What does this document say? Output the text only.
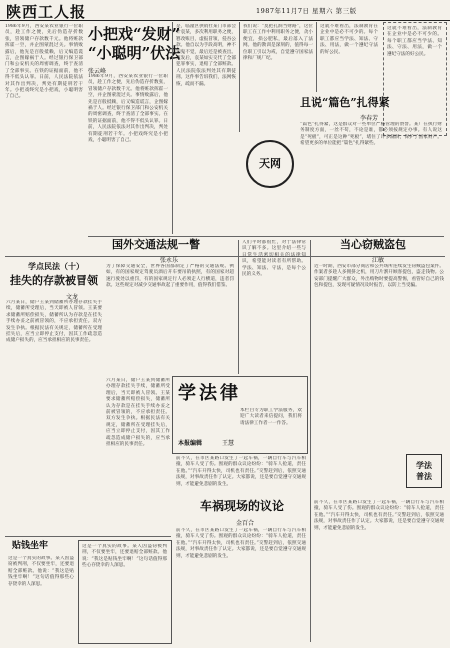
陕西工人报	1987年11月7日 星期六 第三版
1986年9月，西安某农业银行一位职员，趁工作之便，先后伪造存折数张，冒领储户存款数千元。他将赃款挥霍一空，并企图蒙混过关。事情败露后，他先是百般抵赖，后又编造谎言，企图嫁祸于人。经过银行保卫部门和公安机关的周密调查，终于查清了全部事实。在铁的证据面前，他不得不低头认罪。日前，人民法院依法对其作出判决，判处有期徒刑若干年。小把戏终究是小把戏，小聪明害了自己。
小把戏“发财”
“小聪明”伏法
张云峰
1986年9月，西安某农业银行一位职员，趁工作之便，先后伪造存折数张，冒领储户存款数千元。他将赃款挥霍一空，并企图蒙混过关。事情败露后，他先是百般抵赖，后又编造谎言，企图嫁祸于人。经过银行保卫部门和公安机关的周密调查，终于查清了全部事实。在铁的证据面前，他不得不低头认罪。日前，人民法院依法对其作出判决，判处有期徒刑若干年。小把戏终究是小把戏，小聪明害了自己。
是，临潼区供销社某门市部会计袁某，多次利用职务之便，篡改账目，虚报冒领，侵吞公款。他自以为手段高明，神不知鬼不觉，最后还是被查出。案发后，袁某如实交代了全部犯罪事实，退赔了全部赃款。人民法院依法判处其有期徒刑。这件事告诉我们，法网恢恢，疏而不漏。
我们说：“莫把孔洞当财路”，这位职工在工作中利用职务之便，贪小便宜，损公肥私，最后落入了法网。他的教训是深刻的，值得每一位职工引以为戒，自觉遵守国家法律和厂规厂纪。
这就不难看出，法制教育在企业中是必不可少的。每个职工都应当学法、知法、守法、用法，做一个遵纪守法的好公民。
这就不难看出，法制教育在企业中是必不可少的。每个职工都应当学法、知法、守法、用法，做一个遵纪守法的好公民。
天网
且说“篇色”扎得紧
李春芳
“篇色”扎得紧，这是群众对一些单位严格管理的赞誉。某厂在执行财务制度方面，一丝不苟，不论是谁，都必须按规定办事。有人说这是“死板”，可正是这种“死板”，堵住了许多漏洞，保护了国家财产。希望更多的单位能把“篇色”扎得紧些。
国外交通法规一瞥
张永乐
为了保障交通安全，世界各国都制定了严格的交通法规。例如，有的国家规定驾驶员酒后开车要吊销执照，有的国家对超速行驶处以重罚，有的国家规定行人必须走人行横道，违者罚款。这些规定对减少交通事故起了重要作用，值得我们借鉴。
人们平时都很忙，对于法律常识了解不多。这里介绍一些与日常生活密切相关的法律知识，希望能对读者有所帮助。学法、知法、守法，是每个公民的义务。
当心窃贼盗包
江敏
近一时期，西安市部分商店和公共场所连续发生窃贼盗包案件。作案者多趁人多拥挤之机，用刀片割开顾客提包，盗走钱物。公安部门提醒广大群众，外出购物时要提高警惕，看管好自己的钱包和提包，发现可疑情况及时报告，以防上当受骗。
学点民法（十）
挂失的存款被冒领
文龙
六月某日，储户王某到储蓄所办理存款挂失手续，储蓄所受理后，当天即被人冒领。王某要求储蓄所赔偿损失，储蓄所认为存款是在挂失手续办妥之前被冒领的，不应承担责任。双方发生争执。根据民法有关规定，储蓄所在受理挂失后，应当立即停止支付，因其工作疏忽造成储户损失的，应当承担相应的民事责任。
六月某日，储户王某到储蓄所办理存款挂失手续，储蓄所受理后，当天即被人冒领。王某要求储蓄所赔偿损失，储蓄所认为存款是在挂失手续办妥之前被冒领的，不应承担责任。双方发生争执。根据民法有关规定，储蓄所在受理挂失后，应当立即停止支付，因其工作疏忽造成储户损失的，应当承担相应的民事责任。
学法律
本报编辑	王慧
本栏目专为职工学法服务，欢迎广大读者来信提问，我们将请法律工作者一一作答。
学法
普法
前不久，在市区某路口发生了一起车祸，一辆自行车与汽车相撞，骑车人受了伤。围观的群众议论纷纷：“骑车人抢道，责任在他。”“汽车开得太快，司机也有责任。”交警赶到后，依照交通法规，对事故责任作了认定。大家都说，还是要自觉遵守交通规则，才能避免悲剧的发生。
车祸现场的议论
金百合
前不久，在市区某路口发生了一起车祸，一辆自行车与汽车相撞，骑车人受了伤。围观的群众议论纷纷：“骑车人抢道，责任在他。”“汽车开得太快，司机也有责任。”交警赶到后，依照交通法规，对事故责任作了认定。大家都说，还是要自觉遵守交通规则，才能避免悲剧的发生。
前不久，在市区某路口发生了一起车祸，一辆自行车与汽车相撞，骑车人受了伤。围观的群众议论纷纷：“骑车人抢道，责任在他。”“汽车开得太快，司机也有责任。”交警赶到后，依照交通法规，对事故责任作了认定。大家都说，还是要自觉遵守交通规则，才能避免悲剧的发生。
贴钱坐牢
这是一个真实的故事。某人因盗窃被判刑，不仅要坐牢，还要退赔全部赃款。他说：“我这是贴钱坐牢啊！”这句话值得那些心存侥幸的人深思。
这是一个真实的故事。某人因盗窃被判刑，不仅要坐牢，还要退赔全部赃款。他说：“我这是贴钱坐牢啊！”这句话值得那些心存侥幸的人深思。
